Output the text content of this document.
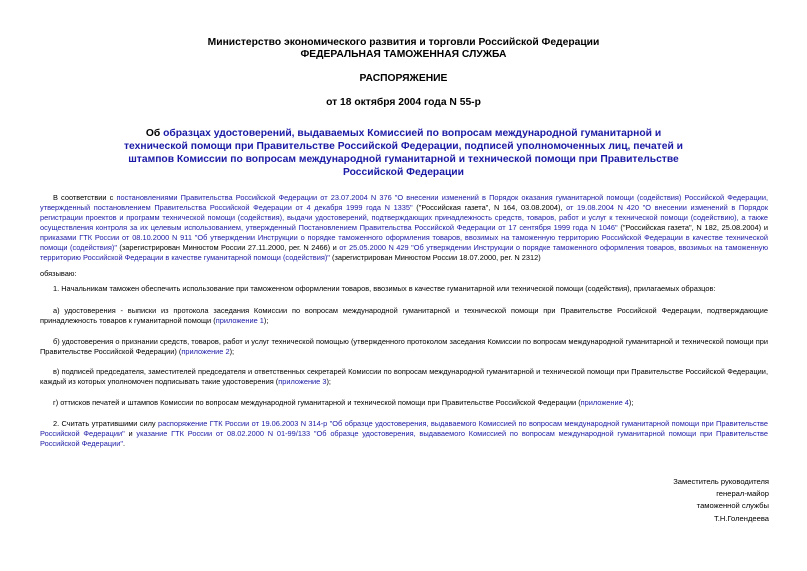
Министерство экономического развития и торговли Российской Федерации
ФЕДЕРАЛЬНАЯ ТАМОЖЕННАЯ СЛУЖБА
РАСПОРЯЖЕНИЕ
от 18 октября 2004 года N 55-р
Об образцах удостоверений, выдаваемых Комиссией по вопросам международной гуманитарной и технической помощи при Правительстве Российской Федерации, подписей уполномоченных лиц, печатей и штампов Комиссии по вопросам международной гуманитарной и технической помощи при Правительстве Российской Федерации
В соответствии с постановлениями Правительства Российской Федерации от 23.07.2004 N 376 "О внесении изменений в Порядок оказания гуманитарной помощи (содействия) Российской Федерации, утвержденный постановлением Правительства Российской Федерации от 4 декабря 1999 года N 1335" ("Российская газета", N 164, 03.08.2004), от 19.08.2004 N 420 "О внесении изменений в Порядок регистрации проектов и программ технической помощи (содействия), выдачи удостоверений, подтверждающих принадлежность средств, товаров, работ и услуг к технической помощи (содействию), а также осуществления контроля за их целевым использованием, утвержденный Постановлением Правительства Российской Федерации от 17 сентября 1999 года N 1046" ("Российская газета", N 182, 25.08.2004) и приказами ГТК России от 08.10.2000 N 911 "Об утверждении Инструкции о порядке таможенного оформления товаров, ввозимых на таможенную территорию Российской Федерации в качестве технической помощи (содействия)" (зарегистрирован Минюстом России 27.11.2000, рег. N 2466) и от 25.05.2000 N 429 "Об утверждении Инструкции о порядке таможенного оформления товаров, ввозимых на таможенную территорию Российской Федерации в качестве гуманитарной помощи (содействия)" (зарегистрирован Минюстом России 18.07.2000, рег. N 2312)
обязываю:
1. Начальникам таможен обеспечить использование при таможенном оформлении товаров, ввозимых в качестве гуманитарной или технической помощи (содействия), прилагаемых образцов:
а) удостоверения - выписки из протокола заседания Комиссии по вопросам международной гуманитарной и технической помощи при Правительстве Российской Федерации, подтверждающие принадлежность товаров к гуманитарной помощи (приложение 1);
б) удостоверения о признании средств, товаров, работ и услуг технической помощью (утвержденного протоколом заседания Комиссии по вопросам международной гуманитарной и технической помощи при Правительстве Российской Федерации) (приложение 2);
в) подписей председателя, заместителей председателя и ответственных секретарей Комиссии по вопросам международной гуманитарной и технической помощи при Правительстве Российской Федерации, каждый из которых уполномочен подписывать такие удостоверения (приложение 3);
г) оттисков печатей и штампов Комиссии по вопросам международной гуманитарной и технической помощи при Правительстве Российской Федерации (приложение 4);
2. Считать утратившими силу распоряжение ГТК России от 19.06.2003 N 314-р "Об образце удостоверения, выдаваемого Комиссией по вопросам международной гуманитарной помощи при Правительстве Российской Федерации" и указание ГТК России от 08.02.2000 N 01-99/133 "Об образце удостоверения, выдаваемого Комиссией по вопросам международной гуманитарной помощи при Правительстве Российской Федерации".
Заместитель руководителя
генерал-майор
таможенной службы
Т.Н.Голендеева
